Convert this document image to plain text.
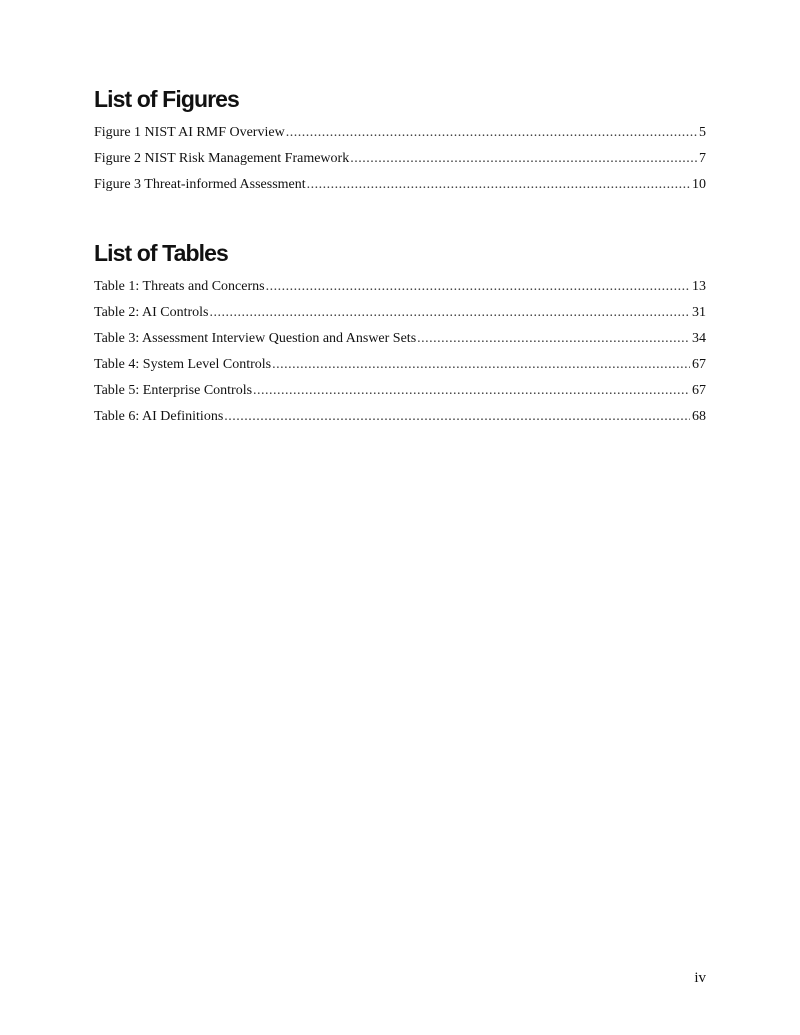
List of Figures
Figure 1 NIST AI RMF Overview .....	5
Figure 2 NIST Risk Management Framework .....	7
Figure 3 Threat-informed Assessment .....	10
List of Tables
Table 1: Threats and Concerns .....	13
Table 2: AI Controls .....	31
Table 3: Assessment Interview Question and Answer Sets .....	34
Table 4: System Level Controls .....	67
Table 5: Enterprise Controls .....	67
Table 6: AI Definitions .....	68
iv
